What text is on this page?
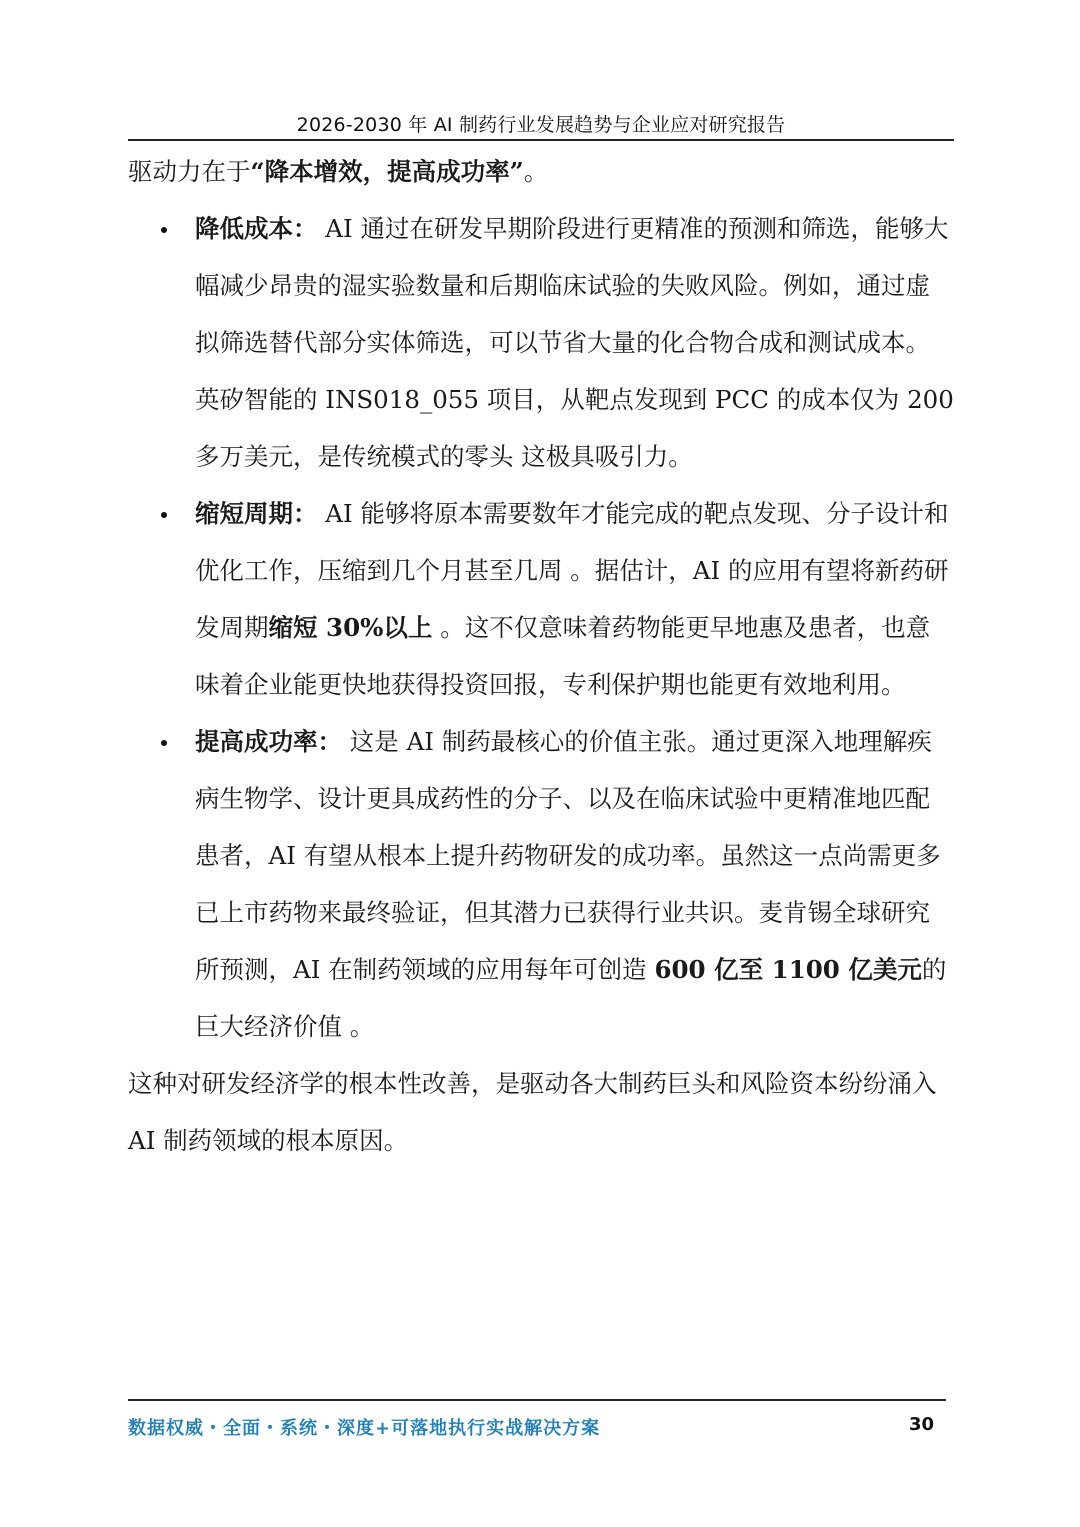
2026-2030 年 AI 制药行业发展趋势与企业应对研究报告

驱动力在于“降本增效，提高成功率”。

降低成本： AI 通过在研发早期阶段进行更精准的预测和筛选，能够大幅减少昂贵的湿实验数量和后期临床试验的失败风险。例如，通过虚拟筛选替代部分实体筛选，可以节省大量的化合物合成和测试成本。英矽智能的 INS018_055 项目，从靶点发现到 PCC 的成本仅为 200 多万美元，是传统模式的零头 这极具吸引力。
缩短周期： AI 能够将原本需要数年才能完成的靶点发现、分子设计和优化工作，压缩到几个月甚至几周 。据估计，AI 的应用有望将新药研发周期缩短 30%以上 。这不仅意味着药物能更早地惠及患者，也意味着企业能更快地获得投资回报，专利保护期也能更有效地利用。
提高成功率： 这是 AI 制药最核心的价值主张。通过更深入地理解疾病生物学、设计更具成药性的分子、以及在临床试验中更精准地匹配患者，AI 有望从根本上提升药物研发的成功率。虽然这一点尚需更多已上市药物来最终验证，但其潜力已获得行业共识。麦肯锡全球研究所预测，AI 在制药领域的应用每年可创造 600 亿至 1100 亿美元的巨大经济价值 。

这种对研发经济学的根本性改善，是驱动各大制药巨头和风险资本纷纷涌入 AI 制药领域的根本原因。

数据权威・全面・系统・深度+可落地执行实战解决方案	30
